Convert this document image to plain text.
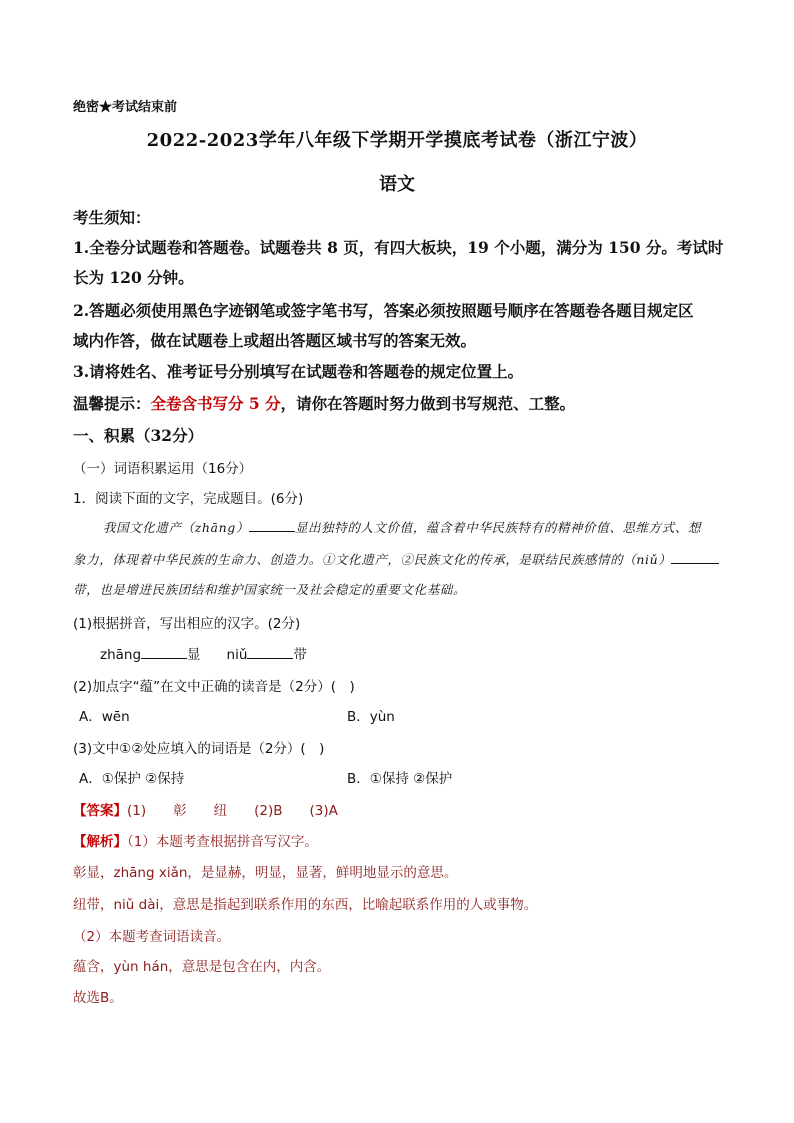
绝密★考试结束前
2022-2023学年八年级下学期开学摸底考试卷（浙江宁波）
语文
考生须知：
1.全卷分试题卷和答题卷。试题卷共 8 页，有四大板块，19 个小题，满分为 150 分。考试时
长为 120 分钟。
2.答题必须使用黑色字迹钢笔或签字笔书写，答案必须按照题号顺序在答题卷各题目规定区
域内作答，做在试题卷上或超出答题区域书写的答案无效。
3.请将姓名、准考证号分别填写在试题卷和答题卷的规定位置上。
温馨提示：全卷含书写分 5 分，请你在答题时努力做到书写规范、工整。
一、积累（32分）
（一）词语积累运用（16分）
1．阅读下面的文字，完成题目。(6分)
我国文化遗产（zhāng）	显出独特的人文价值，蕴含着中华民族特有的精神价值、思维方式、想
象力，体现着中华民族的生命力、创造力。①文化遗产，②民族文化的传承，是联结民族感情的（niǔ）
带，也是增进民族团结和维护国家统一及社会稳定的重要文化基础。
(1)根据拼音，写出相应的汉字。(2分)
zhāng	显 niǔ	带
(2)加点字“蕴”在文中正确的读音是（2分）(　)
A．wēn	B．yùn
(3)文中①②处应填入的词语是（2分）(　)
A．①保护 ②保持	B．①保持 ②保护
【答案】(1)　　彰　　纽　　(2)B　　(3)A
【解析】（1）本题考查根据拼音写汉字。
彰显，zhāng xiǎn，是显赫，明显，显著，鲜明地显示的意思。
纽带，niǔ dài，意思是指起到联系作用的东西，比喻起联系作用的人或事物。
（2）本题考查词语读音。
蕴含，yùn hán，意思是包含在内，内含。
故选B。
